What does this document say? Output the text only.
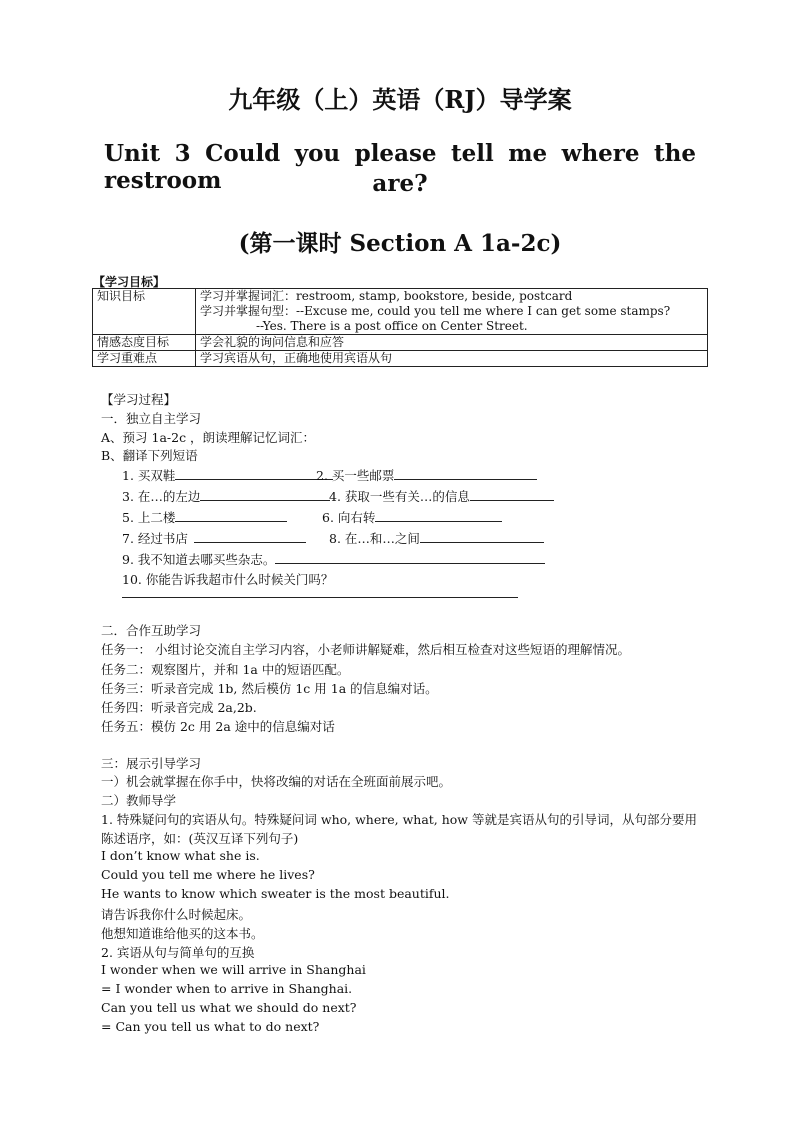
九年级（上）英语（RJ）导学案
Unit 3 Could you please tell me where the restroom	are?
(第一课时 Section A 1a-2c)
【学习目标】
知识目标	学习并掌握词汇：restroom, stamp, bookstore, beside, postcard
学习并掌握句型：--Excuse me, could you tell me where I can get some stamps?
--Yes. There is a post office on Center Street.

情感态度目标	学会礼貌的询问信息和应答
学习重难点	学习宾语从句，正确地使用宾语从句
【学习过程】
一．独立自主学习
A、预习 1a-2c ，朗读理解记忆词汇：
B、翻译下列短语
1. 买双鞋	2. 买一些邮票
3. 在…的左边	4. 获取一些有关…的信息
5. 上二楼	6. 向右转
7. 经过书店	8. 在…和…之间
9. 我不知道去哪买些杂志。
10. 你能告诉我超市什么时候关门吗？
二．合作互助学习
任务一： 小组讨论交流自主学习内容，小老师讲解疑难，然后相互检查对这些短语的理解情况。
任务二：观察图片，并和 1a 中的短语匹配。
任务三：听录音完成 1b, 然后模仿 1c 用 1a 的信息编对话。
任务四：听录音完成 2a,2b.
任务五：模仿 2c 用 2a 途中的信息编对话
三：展示引导学习
一）机会就掌握在你手中，快将改编的对话在全班面前展示吧。
二）教师导学
1. 特殊疑问句的宾语从句。特殊疑问词 who, where, what, how 等就是宾语从句的引导词，从句部分要用
陈述语序，如：(英汉互译下列句子)
I don’t know what she is.
Could you tell me where he lives?
He wants to know which sweater is the most beautiful.
请告诉我你什么时候起床。
他想知道谁给他买的这本书。
2. 宾语从句与简单句的互换
I wonder when we will arrive in Shanghai
= I wonder when to arrive in Shanghai.
Can you tell us what we should do next?
= Can you tell us what to do next?
